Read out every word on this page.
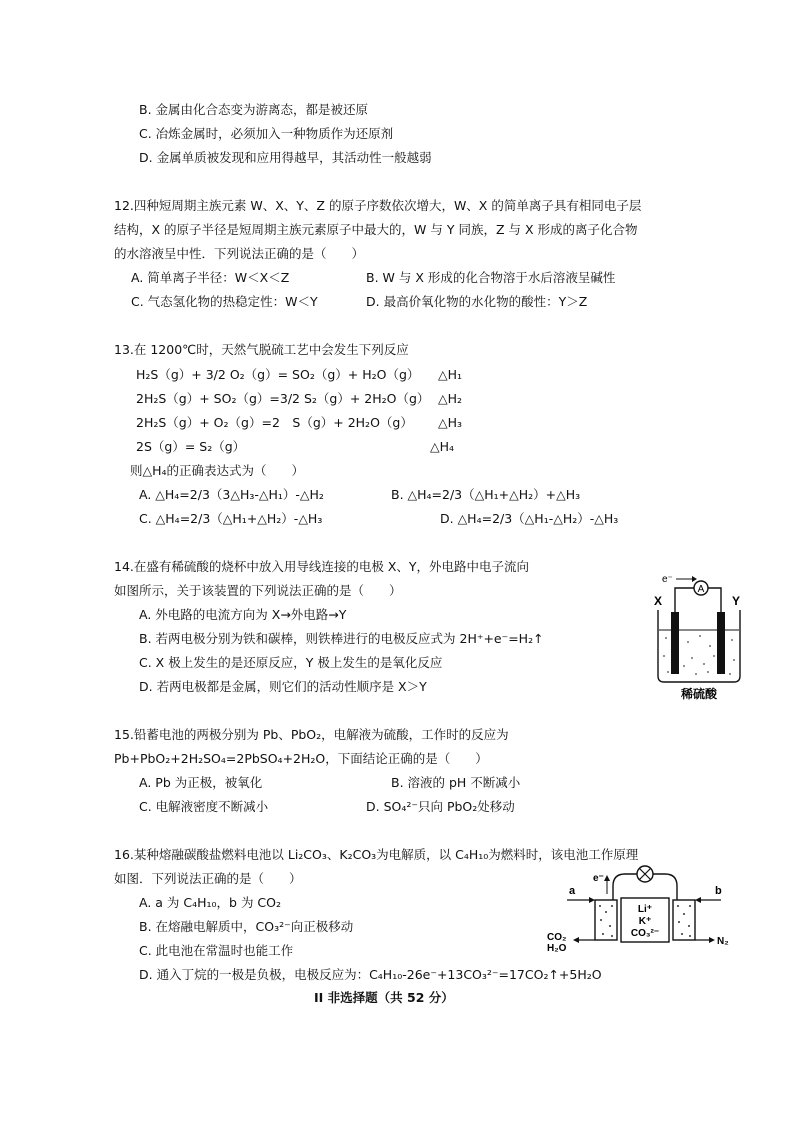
B. 金属由化合态变为游离态，都是被还原
C. 冶炼金属时，必须加入一种物质作为还原剂
D. 金属单质被发现和应用得越早，其活动性一般越弱
12.四种短周期主族元素 W、X、Y、Z 的原子序数依次增大，W、X 的简单离子具有相同电子层
结构，X 的原子半径是短周期主族元素原子中最大的，W 与 Y 同族，Z 与 X 形成的离子化合物
的水溶液呈中性．下列说法正确的是（　　）
A. 简单离子半径：W＜X＜Z	B. W 与 X 形成的化合物溶于水后溶液呈碱性
C. 气态氢化物的热稳定性：W＜Y	D. 最高价氧化物的水化物的酸性：Y＞Z
13.在 1200℃时，天然气脱硫工艺中会发生下列反应
H₂S（g）+ 3/2 O₂（g）= SO₂（g）+ H₂O（g） △H₁
2H₂S（g）+ SO₂（g）=3/2 S₂（g）+ 2H₂O（g） △H₂
2H₂S（g）+ O₂（g）=2　S（g）+ 2H₂O（g） △H₃
2S（g）= S₂（g）	△H₄
则△H₄的正确表达式为（　　）
A. △H₄=2/3（3△H₃-△H₁）-△H₂	B. △H₄=2/3（△H₁+△H₂）+△H₃
C. △H₄=2/3（△H₁+△H₂）-△H₃	D. △H₄=2/3（△H₁-△H₂）-△H₃
14.在盛有稀硫酸的烧杯中放入用导线连接的电极 X、Y，外电路中电子流向
如图所示，关于该装置的下列说法正确的是（　　）
A. 外电路的电流方向为 X→外电路→Y
B. 若两电极分别为铁和碳棒，则铁棒进行的电极反应式为 2H⁺+e⁻=H₂↑
C. X 极上发生的是还原反应，Y 极上发生的是氧化反应
D. 若两电极都是金属，则它们的活动性顺序是 X＞Y
A
e⁻
X	Y
稀硫酸
15.铅蓄电池的两极分别为 Pb、PbO₂，电解液为硫酸，工作时的反应为
Pb+PbO₂+2H₂SO₄=2PbSO₄+2H₂O，下面结论正确的是（　　）
A. Pb 为正极，被氧化	B. 溶液的 pH 不断减小
C. 电解液密度不断减小	D. SO₄²⁻只向 PbO₂处移动
16.某种熔融碳酸盐燃料电池以 Li₂CO₃、K₂CO₃为电解质，以 C₄H₁₀为燃料时，该电池工作原理
如图．下列说法正确的是（　　）
A. a 为 C₄H₁₀，b 为 CO₂
B. 在熔融电解质中，CO₃²⁻向正极移动
C. 此电池在常温时也能工作
D. 通入丁烷的一极是负极，电极反应为：C₄H₁₀-26e⁻+13CO₃²⁻=17CO₂↑+5H₂O
e⁻
Li⁺
K⁺
CO₃²⁻
a	b
CO₂
H₂O
N₂
II 非选择题（共 52 分）
